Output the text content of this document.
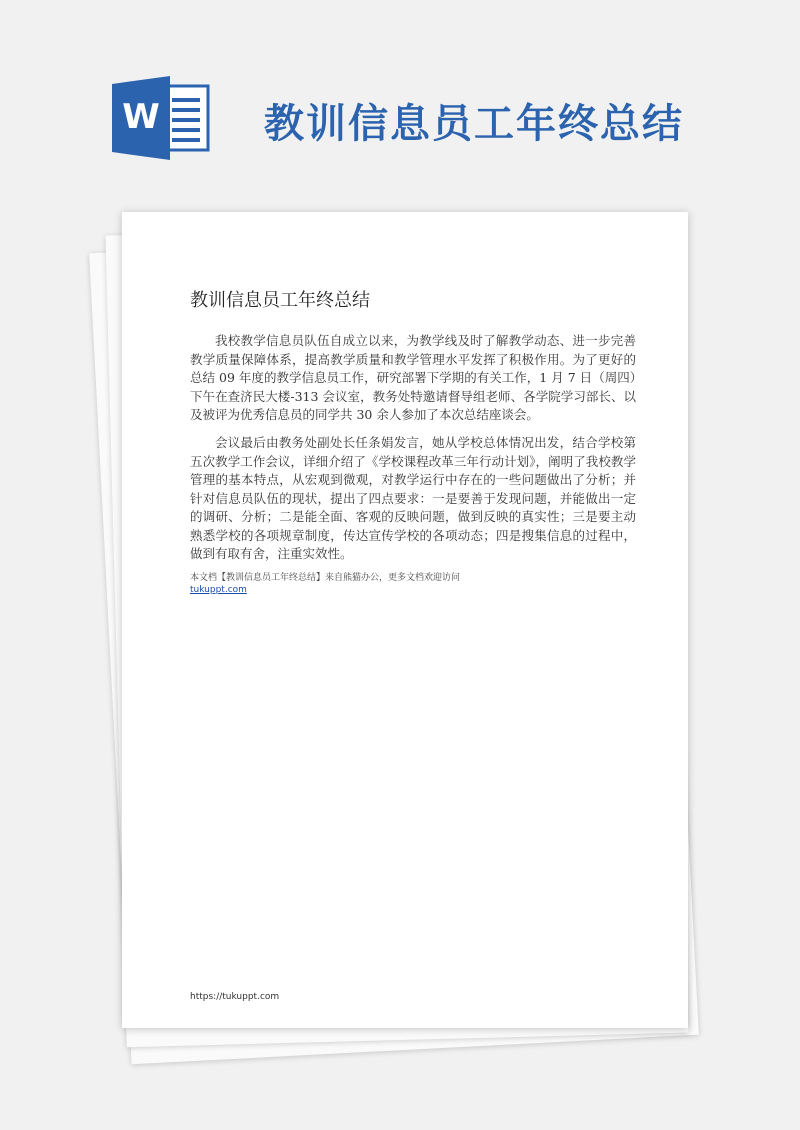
W	教训信息员工年终总结
教训信息员工年终总结

我校教学信息员队伍自成立以来，为教学线及时了解教学动态、进一步完善教学质量保障体系，提高教学质量和教学管理水平发挥了积极作用。为了更好的总结 09 年度的教学信息员工作，研究部署下学期的有关工作，1 月 7 日（周四）下午在查济民大楼-313 会议室，教务处特邀请督导组老师、各学院学习部长、以及被评为优秀信息员的同学共 30 余人参加了本次总结座谈会。

会议最后由教务处副处长任条娟发言，她从学校总体情况出发，结合学校第五次教学工作会议，详细介绍了《学校课程改革三年行动计划》，阐明了我校教学管理的基本特点，从宏观到微观，对教学运行中存在的一些问题做出了分析；并针对信息员队伍的现状，提出了四点要求：一是要善于发现问题，并能做出一定的调研、分析；二是能全面、客观的反映问题，做到反映的真实性；三是要主动熟悉学校的各项规章制度，传达宣传学校的各项动态；四是搜集信息的过程中，做到有取有舍，注重实效性。

本文档【教训信息员工年终总结】来自熊猫办公，更多文档欢迎访问
tukuppt.com
https://tukuppt.com
